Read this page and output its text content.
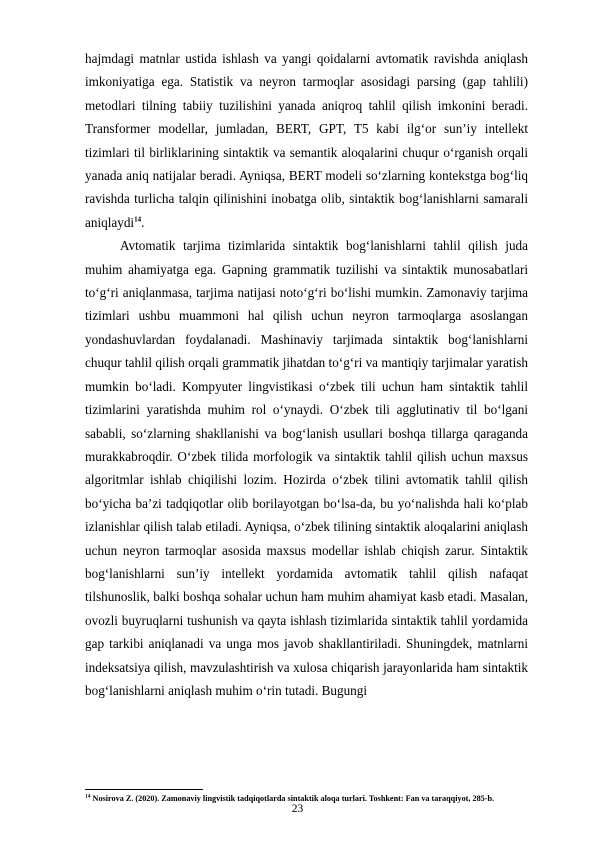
hajmdagi matnlar ustida ishlash va yangi qoidalarni avtomatik ravishda aniqlash imkoniyatiga ega. Statistik va neyron tarmoqlar asosidagi parsing (gap tahlili) metodlari tilning tabiiy tuzilishini yanada aniqroq tahlil qilish imkonini beradi. Transformer modellar, jumladan, BERT, GPT, T5 kabi ilg‘or sun’iy intellekt tizimlari til birliklarining sintaktik va semantik aloqalarini chuqur o‘rganish orqali yanada aniq natijalar beradi. Ayniqsa, BERT modeli so‘zlarning kontekstga bog‘liq ravishda turlicha talqin qilinishini inobatga olib, sintaktik bog‘lanishlarni samarali aniqlaydi$^{14}$.

Avtomatik tarjima tizimlarida sintaktik bog‘lanishlarni tahlil qilish juda muhim ahamiyatga ega. Gapning grammatik tuzilishi va sintaktik munosabatlari to‘g‘ri aniqlanmasa, tarjima natijasi noto‘g‘ri bo‘lishi mumkin. Zamonaviy tarjima tizimlari ushbu muammoni hal qilish uchun neyron tarmoqlarga asoslangan yondashuvlardan foydalanadi. Mashinaviy tarjimada sintaktik bog‘lanishlarni chuqur tahlil qilish orqali grammatik jihatdan to‘g‘ri va mantiqiy tarjimalar yaratish mumkin bo‘ladi. Kompyuter lingvistikasi o‘zbek tili uchun ham sintaktik tahlil tizimlarini yaratishda muhim rol o‘ynaydi. O‘zbek tili agglutinativ til bo‘lgani sababli, so‘zlarning shakllanishi va bog‘lanish usullari boshqa tillarga qaraganda murakkabroqdir. O‘zbek tilida morfologik va sintaktik tahlil qilish uchun maxsus algoritmlar ishlab chiqilishi lozim. Hozirda o‘zbek tilini avtomatik tahlil qilish bo‘yicha ba’zi tadqiqotlar olib borilayotgan bo‘lsa-da, bu yo‘nalishda hali ko‘plab izlanishlar qilish talab etiladi. Ayniqsa, o‘zbek tilining sintaktik aloqalarini aniqlash uchun neyron tarmoqlar asosida maxsus modellar ishlab chiqish zarur. Sintaktik bog‘lanishlarni sun’iy intellekt yordamida avtomatik tahlil qilish nafaqat tilshunoslik, balki boshqa sohalar uchun ham muhim ahamiyat kasb etadi. Masalan, ovozli buyruqlarni tushunish va qayta ishlash tizimlarida sintaktik tahlil yordamida gap tarkibi aniqlanadi va unga mos javob shakllantiriladi. Shuningdek, matnlarni indeksatsiya qilish, mavzulashtirish va xulosa chiqarish jarayonlarida ham sintaktik bog‘lanishlarni aniqlash muhim o‘rin tutadi. Bugungi

$^{14}$ Nosirova Z. (2020). Zamonaviy lingvistik tadqiqotlarda sintaktik aloqa turlari. Toshkent: Fan va taraqqiyot, 285-b.

23
